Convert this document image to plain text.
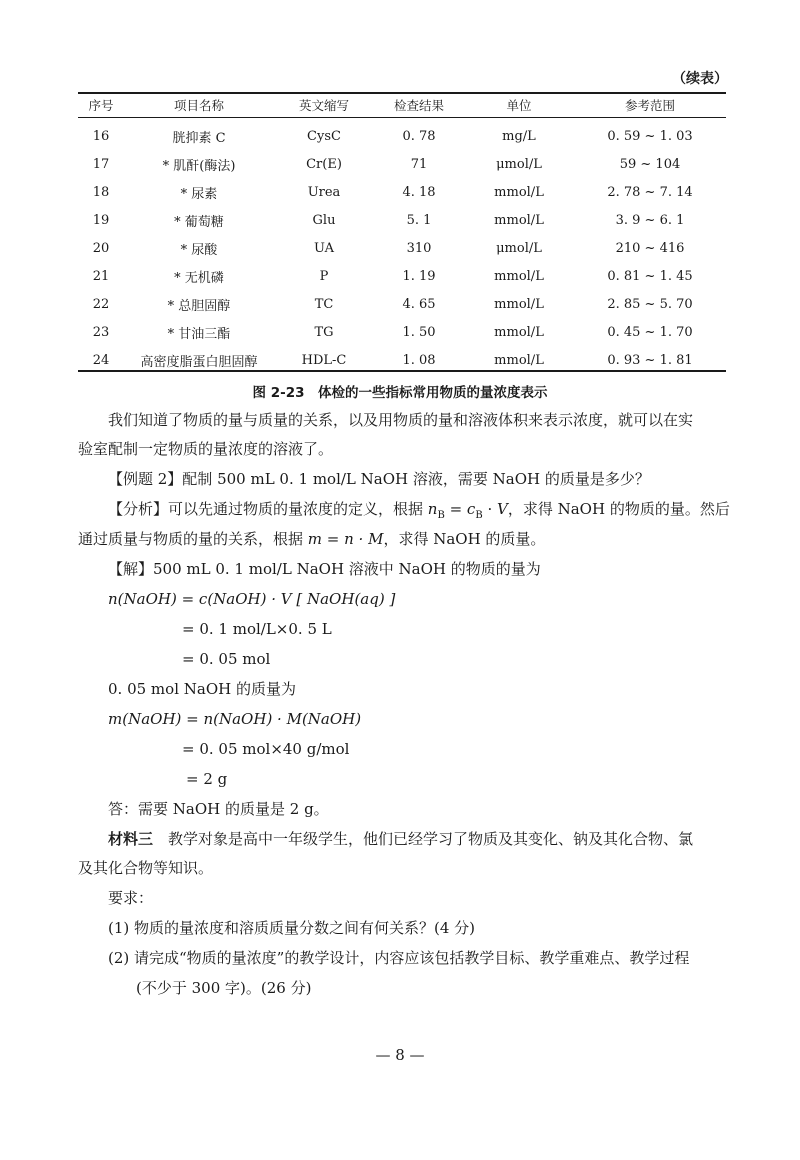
（续表）
序号	项目名称	英文缩写	检查结果	单位	参考范围

16	胱抑素 C	CysC	0. 78	mg/L	0. 59 ~ 1. 03
17	* 肌酐(酶法)	Cr(E)	71	μmol/L	59 ~ 104
18	* 尿素	Urea	4. 18	mmol/L	2. 78 ~ 7. 14
19	* 葡萄糖	Glu	5. 1	mmol/L	3. 9 ~ 6. 1
20	* 尿酸	UA	310	μmol/L	210 ~ 416
21	* 无机磷	P	1. 19	mmol/L	0. 81 ~ 1. 45
22	* 总胆固醇	TC	4. 65	mmol/L	2. 85 ~ 5. 70
23	* 甘油三酯	TG	1. 50	mmol/L	0. 45 ~ 1. 70
24	高密度脂蛋白胆固醇	HDL-C	1. 08	mmol/L	0. 93 ~ 1. 81
图 2-23　体检的一些指标常用物质的量浓度表示
我们知道了物质的量与质量的关系，以及用物质的量和溶液体积来表示浓度，就可以在实
验室配制一定物质的量浓度的溶液了。
【例题 2】配制 500 mL 0. 1 mol/L NaOH 溶液，需要 NaOH 的质量是多少？
【分析】可以先通过物质的量浓度的定义，根据 $n_B = c_B \cdot V$，求得 NaOH 的物质的量。然后
通过质量与物质的量的关系，根据 m = n · M，求得 NaOH 的质量。
【解】500 mL 0. 1 mol/L NaOH 溶液中 NaOH 的物质的量为
n(NaOH) = c(NaOH) · V [ NaOH(aq) ]
= 0. 1 mol/L×0. 5 L
= 0. 05 mol
0. 05 mol NaOH 的质量为
m(NaOH) = n(NaOH) · M(NaOH)
= 0. 05 mol×40 g/mol
= 2 g
答：需要 NaOH 的质量是 2 g。
材料三　教学对象是高中一年级学生，他们已经学习了物质及其变化、钠及其化合物、氯
及其化合物等知识。
要求：
(1) 物质的量浓度和溶质质量分数之间有何关系？(4 分)
(2) 请完成“物质的量浓度”的教学设计，内容应该包括教学目标、教学重难点、教学过程
(不少于 300 字)。(26 分)
— 8 —
